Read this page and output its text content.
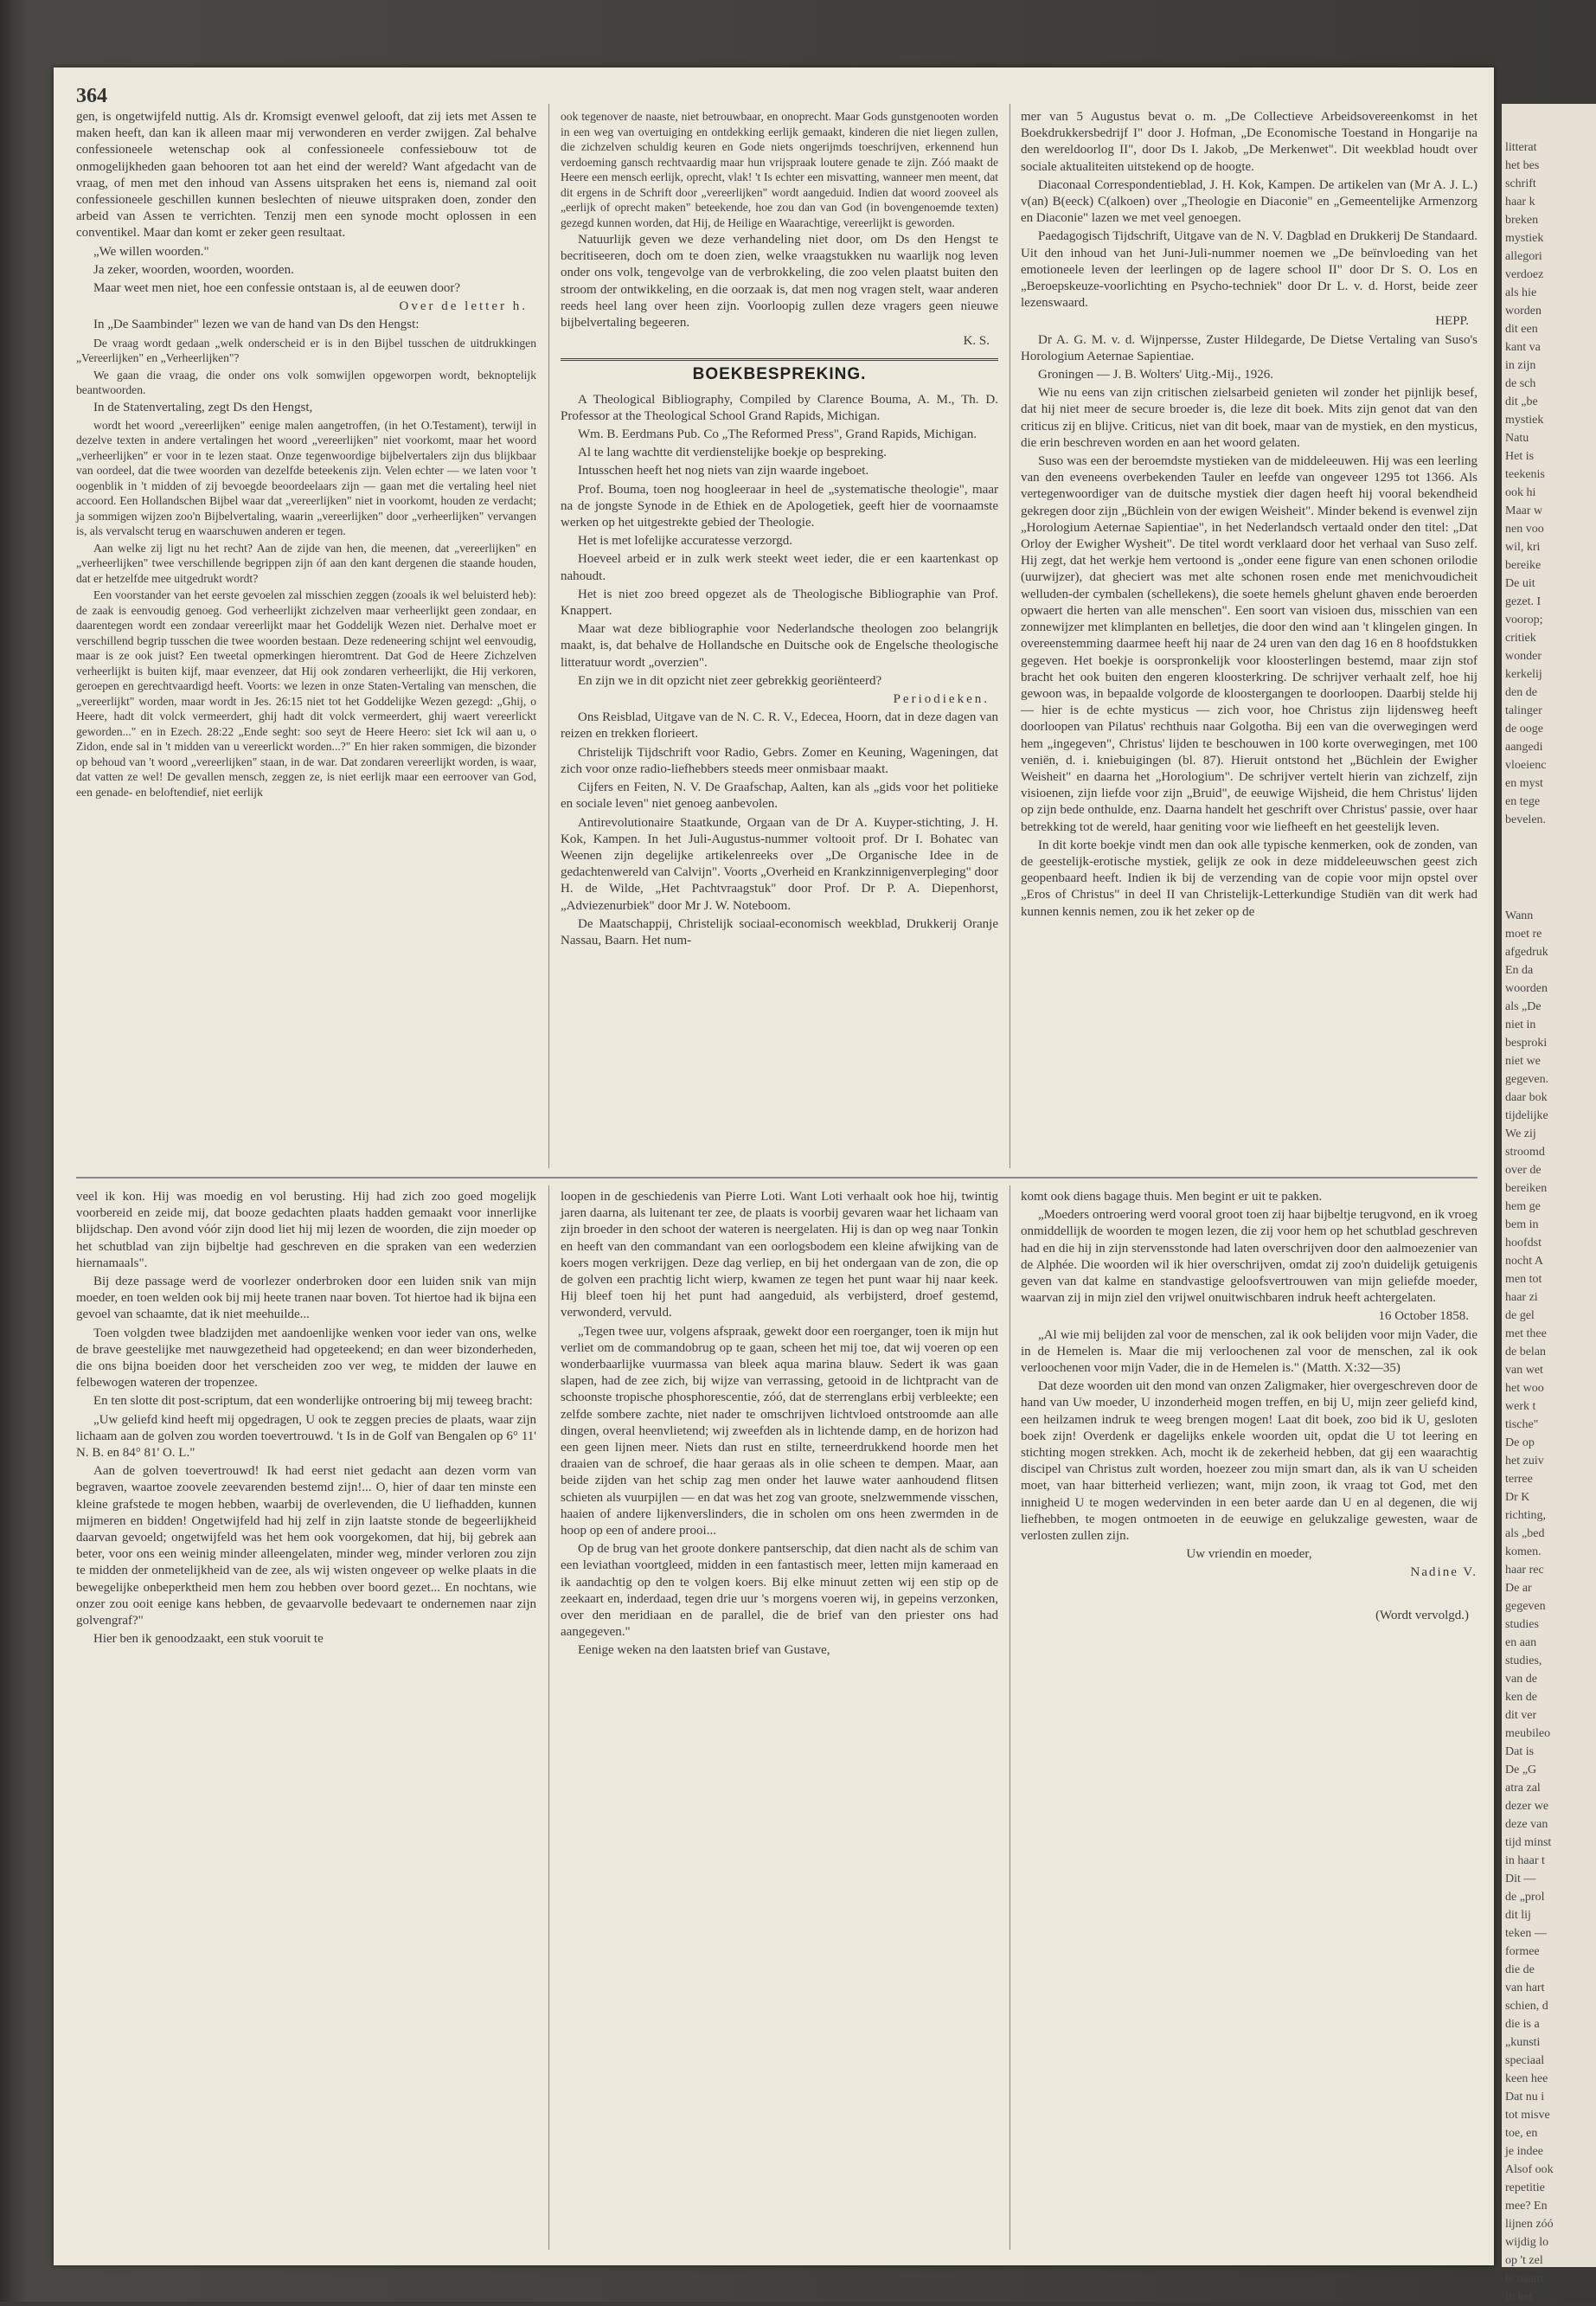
364

gen, is ongetwijfeld nuttig. Als dr. Kromsigt evenwel gelooft, dat zij iets met Assen te maken heeft, dan kan ik alleen maar mij verwonderen en verder zwijgen. Zal behalve confessioneele wetenschap ook al confessioneele confessiebouw tot de onmogelijkheden gaan behooren tot aan het eind der wereld? Want afgedacht van de vraag, of men met den inhoud van Assens uitspraken het eens is, niemand zal ooit confessioneele geschillen kunnen beslechten of nieuwe uitspraken doen, zonder den arbeid van Assen te verrichten. Tenzij men een synode mocht oplossen in een conventikel. Maar dan komt er zeker geen resultaat.

„We willen woorden."

Ja zeker, woorden, woorden, woorden.

Maar weet men niet, hoe een confessie ontstaan is, al de eeuwen door?

Over de letter h.

In „De Saambinder" lezen we van de hand van Ds den Hengst:

De vraag wordt gedaan „welk onderscheid er is in den Bijbel tusschen de uitdrukkingen „Vereerlijken" en „Verheerlijken"?

We gaan die vraag, die onder ons volk somwijlen opgeworpen wordt, beknoptelijk beantwoorden.

In de Statenvertaling, zegt Ds den Hengst,

wordt het woord „vereerlijken" eenige malen aangetroffen, (in het O.Testament), terwijl in dezelve texten in andere vertalingen het woord „vereerlijken" niet voorkomt, maar het woord „verheerlijken" er voor in te lezen staat. Onze tegenwoordige bijbelvertalers zijn dus blijkbaar van oordeel, dat die twee woorden van dezelfde beteekenis zijn. Velen echter — we laten voor 't oogenblik in 't midden of zij bevoegde beoordeelaars zijn — gaan met die vertaling heel niet accoord. Een Hollandschen Bijbel waar dat „vereerlijken" niet in voorkomt, houden ze verdacht; ja sommigen wijzen zoo'n Bijbelvertaling, waarin „vereerlijken" door „verheerlijken" vervangen is, als vervalscht terug en waarschuwen anderen er tegen.

Aan welke zij ligt nu het recht? Aan de zijde van hen, die meenen, dat „vereerlijken" en „verheerlijken" twee verschillende begrippen zijn óf aan den kant dergenen die staande houden, dat er hetzelfde mee uitgedrukt wordt?

Een voorstander van het eerste gevoelen zal misschien zeggen (zooals ik wel beluisterd heb): de zaak is eenvoudig genoeg. God verheerlijkt zichzelven maar verheerlijkt geen zondaar, en daarentegen wordt een zondaar vereerlijkt maar het Goddelijk Wezen niet. Derhalve moet er verschillend begrip tusschen die twee woorden bestaan. Deze redeneering schijnt wel eenvoudig, maar is ze ook juist? Een tweetal opmerkingen hieromtrent. Dat God de Heere Zichzelven verheerlijkt is buiten kijf, maar evenzeer, dat Hij ook zondaren verheerlijkt, die Hij verkoren, geroepen en gerechtvaardigd heeft. Voorts: we lezen in onze Staten-Vertaling van menschen, die „vereerlijkt" worden, maar wordt in Jes. 26:15 niet tot het Goddelijke Wezen gezegd: „Ghij, o Heere, hadt dit volck vermeerdert, ghij hadt dit volck vermeerdert, ghij waert vereerlickt geworden..." en in Ezech. 28:22 „Ende seght: soo seyt de Heere Heero: siet Ick wil aan u, o Zidon, ende sal in 't midden van u vereerlickt worden...?" En hier raken sommigen, die bizonder op behoud van 't woord „vereerlijken" staan, in de war. Dat zondaren vereerlijkt worden, is waar, dat vatten ze wel! De gevallen mensch, zeggen ze, is niet eerlijk maar een eerroover van God, een genade- en beloftendief, niet eerlijk

ook tegenover de naaste, niet betrouwbaar, en onoprecht. Maar Gods gunstgenooten worden in een weg van overtuiging en ontdekking eerlijk gemaakt, kinderen die niet liegen zullen, die zichzelven schuldig keuren en Gode niets ongerijmds toeschrijven, erkennend hun verdoeming gansch rechtvaardig maar hun vrijspraak loutere genade te zijn. Zóó maakt de Heere een mensch eerlijk, oprecht, vlak! 't Is echter een misvatting, wanneer men meent, dat dit ergens in de Schrift door „vereerlijken" wordt aangeduid. Indien dat woord zooveel als „eerlijk of oprecht maken" beteekende, hoe zou dan van God (in bovengenoemde texten) gezegd kunnen worden, dat Hij, de Heilige en Waarachtige, vereerlijkt is geworden.

Natuurlijk geven we deze verhandeling niet door, om Ds den Hengst te becritiseeren, doch om te doen zien, welke vraagstukken nu waarlijk nog leven onder ons volk, tengevolge van de verbrokkeling, die zoo velen plaatst buiten den stroom der ontwikkeling, en die oorzaak is, dat men nog vragen stelt, waar anderen reeds heel lang over heen zijn. Voorloopig zullen deze vragers geen nieuwe bijbelvertaling begeeren.

K. S.

BOEKBESPREKING.

A Theological Bibliography, Compiled by Clarence Bouma, A. M., Th. D. Professor at the Theological School Grand Rapids, Michigan.

Wm. B. Eerdmans Pub. Co „The Reformed Press", Grand Rapids, Michigan.

Al te lang wachtte dit verdienstelijke boekje op bespreking.

Intusschen heeft het nog niets van zijn waarde ingeboet.

Prof. Bouma, toen nog hoogleeraar in heel de „systematische theologie", maar na de jongste Synode in de Ethiek en de Apologetiek, geeft hier de voornaamste werken op het uitgestrekte gebied der Theologie.

Het is met lofelijke accuratesse verzorgd.

Hoeveel arbeid er in zulk werk steekt weet ieder, die er een kaartenkast op nahoudt.

Het is niet zoo breed opgezet als de Theologische Bibliographie van Prof. Knappert.

Maar wat deze bibliographie voor Nederlandsche theologen zoo belangrijk maakt, is, dat behalve de Hollandsche en Duitsche ook de Engelsche theologische litteratuur wordt „overzien".

En zijn we in dit opzicht niet zeer gebrekkig georiënteerd?

Periodieken.

Ons Reisblad, Uitgave van de N. C. R. V., Edecea, Hoorn, dat in deze dagen van reizen en trekken florieert.

Christelijk Tijdschrift voor Radio, Gebrs. Zomer en Keuning, Wageningen, dat zich voor onze radio-liefhebbers steeds meer onmisbaar maakt.

Cijfers en Feiten, N. V. De Graafschap, Aalten, kan als „gids voor het politieke en sociale leven" niet genoeg aanbevolen.

Antirevolutionaire Staatkunde, Orgaan van de Dr A. Kuyper-stichting, J. H. Kok, Kampen. In het Juli-Augustus-nummer voltooit prof. Dr I. Bohatec van Weenen zijn degelijke artikelenreeks over „De Organische Idee in de gedachtenwereld van Calvijn". Voorts „Overheid en Krankzinnigenverpleging" door H. de Wilde, „Het Pachtvraagstuk" door Prof. Dr P. A. Diepenhorst, „Adviezenurbiek" door Mr J. W. Noteboom.

De Maatschappij, Christelijk sociaal-economisch weekblad, Drukkerij Oranje Nassau, Baarn. Het num-

mer van 5 Augustus bevat o. m. „De Collectieve Arbeidsovereenkomst in het Boekdrukkersbedrijf I" door J. Hofman, „De Economische Toestand in Hongarije na den wereldoorlog II", door Ds I. Jakob, „De Merkenwet". Dit weekblad houdt over sociale aktualiteiten uitstekend op de hoogte.

Diaconaal Correspondentieblad, J. H. Kok, Kampen. De artikelen van (Mr A. J. L.) v(an) B(eeck) C(alkoen) over „Theologie en Diaconie" en „Gemeentelijke Armenzorg en Diaconie" lazen we met veel genoegen.

Paedagogisch Tijdschrift, Uitgave van de N. V. Dagblad en Drukkerij De Standaard. Uit den inhoud van het Juni-Juli-nummer noemen we „De beïnvloeding van het emotioneele leven der leerlingen op de lagere school II" door Dr S. O. Los en „Beroepskeuze-voorlichting en Psycho-techniek" door Dr L. v. d. Horst, beide zeer lezenswaard.

HEPP.

Dr A. G. M. v. d. Wijnpersse, Zuster Hildegarde, De Dietse Vertaling van Suso's Horologium Aeternae Sapientiae.

Groningen — J. B. Wolters' Uitg.-Mij., 1926.

Wie nu eens van zijn critischen zielsarbeid genieten wil zonder het pijnlijk besef, dat hij niet meer de secure broeder is, die leze dit boek. Mits zijn genot dat van den criticus zij en blijve. Criticus, niet van dit boek, maar van de mystiek, en den mysticus, die erin beschreven worden en aan het woord gelaten.

Suso was een der beroemdste mystieken van de middeleeuwen. Hij was een leerling van den eveneens overbekenden Tauler en leefde van ongeveer 1295 tot 1366. Als vertegenwoordiger van de duitsche mystiek dier dagen heeft hij vooral bekendheid gekregen door zijn „Büchlein von der ewigen Weisheit". Minder bekend is evenwel zijn „Horologium Aeternae Sapientiae", in het Nederlandsch vertaald onder den titel: „Dat Orloy der Ewigher Wysheit". De titel wordt verklaard door het verhaal van Suso zelf. Hij zegt, dat het werkje hem vertoond is „onder eene figure van enen schonen orilodie (uurwijzer), dat gheciert was met alte schonen rosen ende met menichvoudicheit welluden-der cymbalen (schellekens), die soete hemels ghelunt ghaven ende beroerden opwaert die herten van alle menschen". Een soort van visioen dus, misschien van een zonnewijzer met klimplanten en belletjes, die door den wind aan 't klingelen gingen. In overeenstemming daarmee heeft hij naar de 24 uren van den dag 16 en 8 hoofdstukken gegeven. Het boekje is oorspronkelijk voor kloosterlingen bestemd, maar zijn stof bracht het ook buiten den engeren kloosterkring. De schrijver verhaalt zelf, hoe hij gewoon was, in bepaalde volgorde de kloostergangen te doorloopen. Daarbij stelde hij — hier is de echte mysticus — zich voor, hoe Christus zijn lijdensweg heeft doorloopen van Pilatus' rechthuis naar Golgotha. Bij een van die overwegingen werd hem „ingegeven", Christus' lijden te beschouwen in 100 korte overwegingen, met 100 veniën, d. i. kniebuigingen (bl. 87). Hieruit ontstond het „Büchlein der Ewigher Weisheit" en daarna het „Horologium". De schrijver vertelt hierin van zichzelf, zijn visioenen, zijn liefde voor zijn „Bruid", de eeuwige Wijsheid, die hem Christus' lijden op zijn bede onthulde, enz. Daarna handelt het geschrift over Christus' passie, over haar betrekking tot de wereld, haar geniting voor wie liefheeft en het geestelijk leven.

In dit korte boekje vindt men dan ook alle typische kenmerken, ook de zonden, van de geestelijk-erotische mystiek, gelijk ze ook in deze middeleeuwschen geest zich geopenbaard heeft. Indien ik bij de verzending van de copie voor mijn opstel over „Eros of Christus" in deel II van Christelijk-Letterkundige Studiën van dit werk had kunnen kennis nemen, zou ik het zeker op de

veel ik kon. Hij was moedig en vol berusting. Hij had zich zoo goed mogelijk voorbereid en zeide mij, dat booze gedachten plaats hadden gemaakt voor innerlijke blijdschap. Den avond vóór zijn dood liet hij mij lezen de woorden, die zijn moeder op het schutblad van zijn bijbeltje had geschreven en die spraken van een wederzien hiernamaals".

Bij deze passage werd de voorlezer onderbroken door een luiden snik van mijn moeder, en toen welden ook bij mij heete tranen naar boven. Tot hiertoe had ik bijna een gevoel van schaamte, dat ik niet meehuilde...

Toen volgden twee bladzijden met aandoenlijke wenken voor ieder van ons, welke de brave geestelijke met nauwgezetheid had opgeteekend; en dan weer bizonderheden, die ons bijna boeiden door het verscheiden zoo ver weg, te midden der lauwe en felbewogen wateren der tropenzee.

En ten slotte dit post-scriptum, dat een wonderlijke ontroering bij mij teweeg bracht:

„Uw geliefd kind heeft mij opgedragen, U ook te zeggen precies de plaats, waar zijn lichaam aan de golven zou worden toevertrouwd. 't Is in de Golf van Bengalen op 6° 11' N. B. en 84° 81' O. L."

Aan de golven toevertrouwd! Ik had eerst niet gedacht aan dezen vorm van begraven, waartoe zoovele zeevarenden bestemd zijn!... O, hier of daar ten minste een kleine grafstede te mogen hebben, waarbij de overlevenden, die U liefhadden, kunnen mijmeren en bidden! Ongetwijfeld had hij zelf in zijn laatste stonde de begeerlijkheid daarvan gevoeld; ongetwijfeld was het hem ook voorgekomen, dat hij, bij gebrek aan beter, voor ons een weinig minder alleengelaten, minder weg, minder verloren zou zijn te midden der onmetelijkheid van de zee, als wij wisten ongeveer op welke plaats in die bewegelijke onbeperktheid men hem zou hebben over boord gezet... En nochtans, wie onzer zou ooit eenige kans hebben, de gevaarvolle bedevaart te ondernemen naar zijn golvengraf?"

Hier ben ik genoodzaakt, een stuk vooruit te

loopen in de geschiedenis van Pierre Loti. Want Loti verhaalt ook hoe hij, twintig jaren daarna, als luitenant ter zee, de plaats is voorbij gevaren waar het lichaam van zijn broeder in den schoot der wateren is neergelaten. Hij is dan op weg naar Tonkin en heeft van den commandant van een oorlogsbodem een kleine afwijking van de koers mogen verkrijgen. Deze dag verliep, en bij het ondergaan van de zon, die op de golven een prachtig licht wierp, kwamen ze tegen het punt waar hij naar keek. Hij bleef toen hij het punt had aangeduid, als verbijsterd, droef gestemd, verwonderd, vervuld.

„Tegen twee uur, volgens afspraak, gewekt door een roerganger, toen ik mijn hut verliet om de commandobrug op te gaan, scheen het mij toe, dat wij voeren op een wonderbaarlijke vuurmassa van bleek aqua marina blauw. Sedert ik was gaan slapen, had de zee zich, bij wijze van verrassing, getooid in de lichtpracht van de schoonste tropische phosphorescentie, zóó, dat de sterrenglans erbij verbleekte; een zelfde sombere zachte, niet nader te omschrijven lichtvloed ontstroomde aan alle dingen, overal heenvlietend; wij zweefden als in lichtende damp, en de horizon had een geen lijnen meer. Niets dan rust en stilte, terneerdrukkend hoorde men het draaien van de schroef, die haar geraas als in olie scheen te dempen. Maar, aan beide zijden van het schip zag men onder het lauwe water aanhoudend flitsen schieten als vuurpijlen — en dat was het zog van groote, snelzwemmende visschen, haaien of andere lijkenverslinders, die in scholen om ons heen zwermden in de hoop op een of andere prooi...

Op de brug van het groote donkere pantserschip, dat dien nacht als de schim van een leviathan voortgleed, midden in een fantastisch meer, letten mijn kameraad en ik aandachtig op den te volgen koers. Bij elke minuut zetten wij een stip op de zeekaart en, inderdaad, tegen drie uur 's morgens voeren wij, in gepeins verzonken, over den meridiaan en de parallel, die de brief van den priester ons had aangegeven."

Eenige weken na den laatsten brief van Gustave,

komt ook diens bagage thuis. Men begint er uit te pakken.

„Moeders ontroering werd vooral groot toen zij haar bijbeltje terugvond, en ik vroeg onmiddellijk de woorden te mogen lezen, die zij voor hem op het schutblad geschreven had en die hij in zijn stervensstonde had laten overschrijven door den aalmoezenier van de Alphée. Die woorden wil ik hier overschrijven, omdat zij zoo'n duidelijk getuigenis geven van dat kalme en standvastige geloofsvertrouwen van mijn geliefde moeder, waarvan zij in mijn ziel den vrijwel onuitwischbaren indruk heeft achtergelaten.

16 October 1858.

„Al wie mij belijden zal voor de menschen, zal ik ook belijden voor mijn Vader, die in de Hemelen is. Maar die mij verloochenen zal voor de menschen, zal ik ook verloochenen voor mijn Vader, die in de Hemelen is." (Matth. X:32—35)

Dat deze woorden uit den mond van onzen Zaligmaker, hier overgeschreven door de hand van Uw moeder, U inzonderheid mogen treffen, en bij U, mijn zeer geliefd kind, een heilzamen indruk te weeg brengen mogen! Laat dit boek, zoo bid ik U, gesloten boek zijn! Overdenk er dagelijks enkele woorden uit, opdat die U tot leering en stichting mogen strekken. Ach, mocht ik de zekerheid hebben, dat gij een waarachtig discipel van Christus zult worden, hoezeer zou mijn smart dan, als ik van U scheiden moet, van haar bitterheid verliezen; want, mijn zoon, ik vraag tot God, met den innigheid U te mogen wedervinden in een beter aarde dan U en al degenen, die wij liefhebben, te mogen ontmoeten in de eeuwige en gelukzalige gewesten, waar de verlosten zullen zijn.

Uw vriendin en moeder,

Nadine V.

(Wordt vervolgd.)

litterat
het bes
schrift
haar k
breken
mystiek
allegori
verdoez
als hie
worden
dit een
kant va
in zijn
de sch
dit „be
mystiek
Natu
Het is
teekenis
ook hi
Maar w
nen voo
wil, kri
bereike
De uit
gezet. I
voorop;
critiek
wonder
kerkelij
den de
talinger
de ooge
aangedi
vloeienc
en myst
en tege
bevelen.
Wann
moet re
afgedruk
En da
woorden
als „De
niet in
besproki
niet we
gegeven.
daar bok
tijdelijke
We zij
stroomd
over de
bereiken
hem ge
bem in
hoofdst
nocht A
men tot
haar zi
de gel
met thee
de belan
van wet
het woo
werk t
tische"
De op
het zuiv
terree
Dr K
richting,
als „bed
komen.
haar rec
De ar
gegeven
studies
en aan
studies,
van de
ken de
dit ver
meubileo
Dat is
De „G
atra zal
dezer we
deze van
tijd minst
in haar t
Dit —
de „prol
dit lij
teken —
formee
die de
van hart
schien, d
die is a
„kunsti
speciaal
keen hee
Dat nu i
tot misve
toe, en
je indee
Alsof ook
repetitie
mee? En
lijnen zóó
wijdig lo
op 't zel
te naam
in het
